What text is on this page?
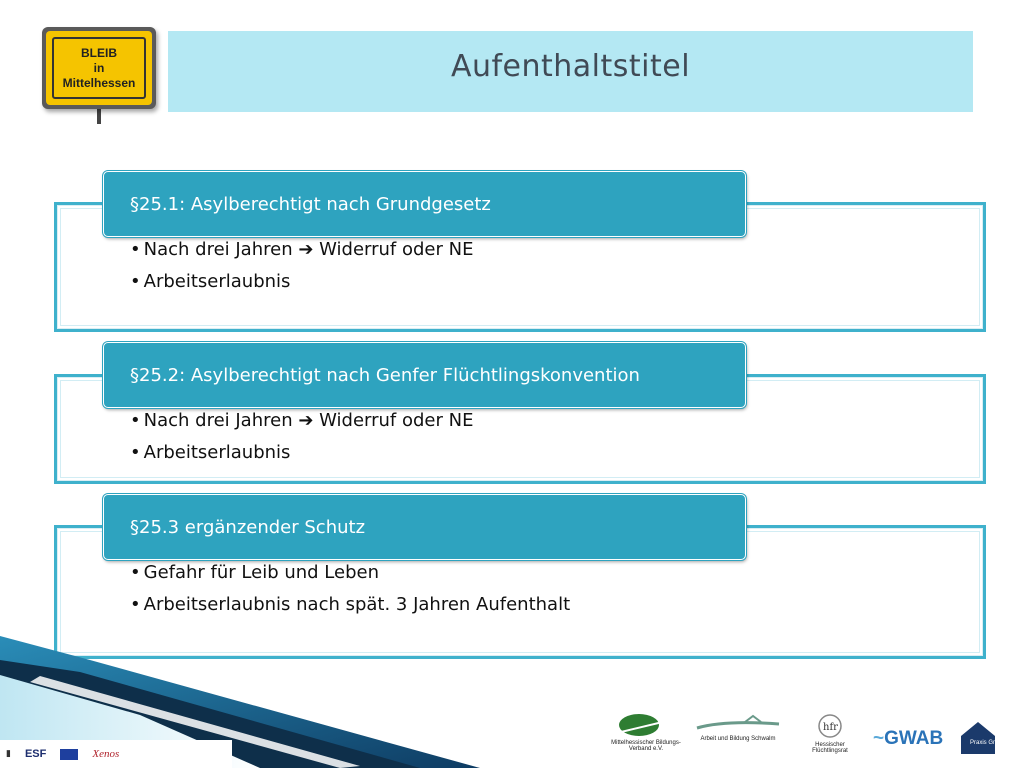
BLEIB
in
Mittelhessen	Aufenthaltstitel
§25.1: Asylberechtigt nach Grundgesetz
• Nach drei Jahren ➔ Widerruf oder NE
• Arbeitserlaubnis
§25.2: Asylberechtigt nach Genfer Flüchtlingskonvention
• Nach drei Jahren ➔ Widerruf oder NE
• Arbeitserlaubnis
§25.3 ergänzender Schutz
• Gefahr für Leib und Leben
• Arbeitserlaubnis nach spät. 3 Jahren Aufenthalt
▮ ESF	Xenos
Mittelhessischer Bildungs-Verband e.V.
Arbeit und Bildung Schwalm
hfr
Hessischer Flüchtlingsrat
~GWAB	Praxis GmbH
